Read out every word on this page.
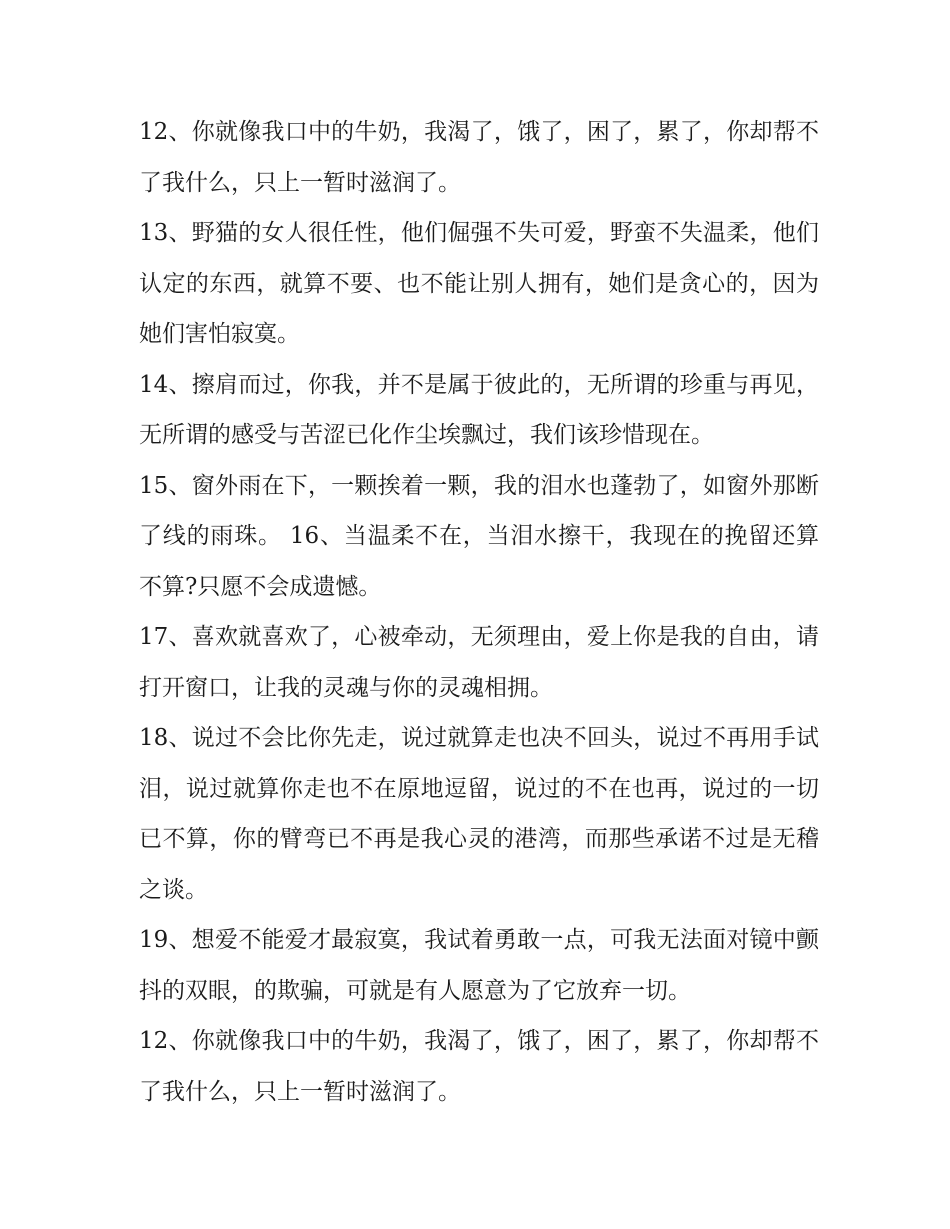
12、你就像我口中的牛奶，我渴了，饿了，困了，累了，你却帮不了我什么，只上一暂时滋润了。

13、野猫的女人很任性，他们倔强不失可爱，野蛮不失温柔，他们认定的东西，就算不要、也不能让别人拥有，她们是贪心的，因为她们害怕寂寞。

14、擦肩而过，你我，并不是属于彼此的，无所谓的珍重与再见，无所谓的感受与苦涩已化作尘埃飘过，我们该珍惜现在。

15、窗外雨在下，一颗挨着一颗，我的泪水也蓬勃了，如窗外那断了线的雨珠。 16、当温柔不在，当泪水擦干，我现在的挽留还算不算?只愿不会成遗憾。

17、喜欢就喜欢了，心被牵动，无须理由，爱上你是我的自由，请打开窗口，让我的灵魂与你的灵魂相拥。

18、说过不会比你先走，说过就算走也决不回头，说过不再用手试泪，说过就算你走也不在原地逗留，说过的不在也再，说过的一切已不算，你的臂弯已不再是我心灵的港湾，而那些承诺不过是无稽之谈。

19、想爱不能爱才最寂寞，我试着勇敢一点，可我无法面对镜中颤抖的双眼，的欺骗，可就是有人愿意为了它放弃一切。

12、你就像我口中的牛奶，我渴了，饿了，困了，累了，你却帮不了我什么，只上一暂时滋润了。
